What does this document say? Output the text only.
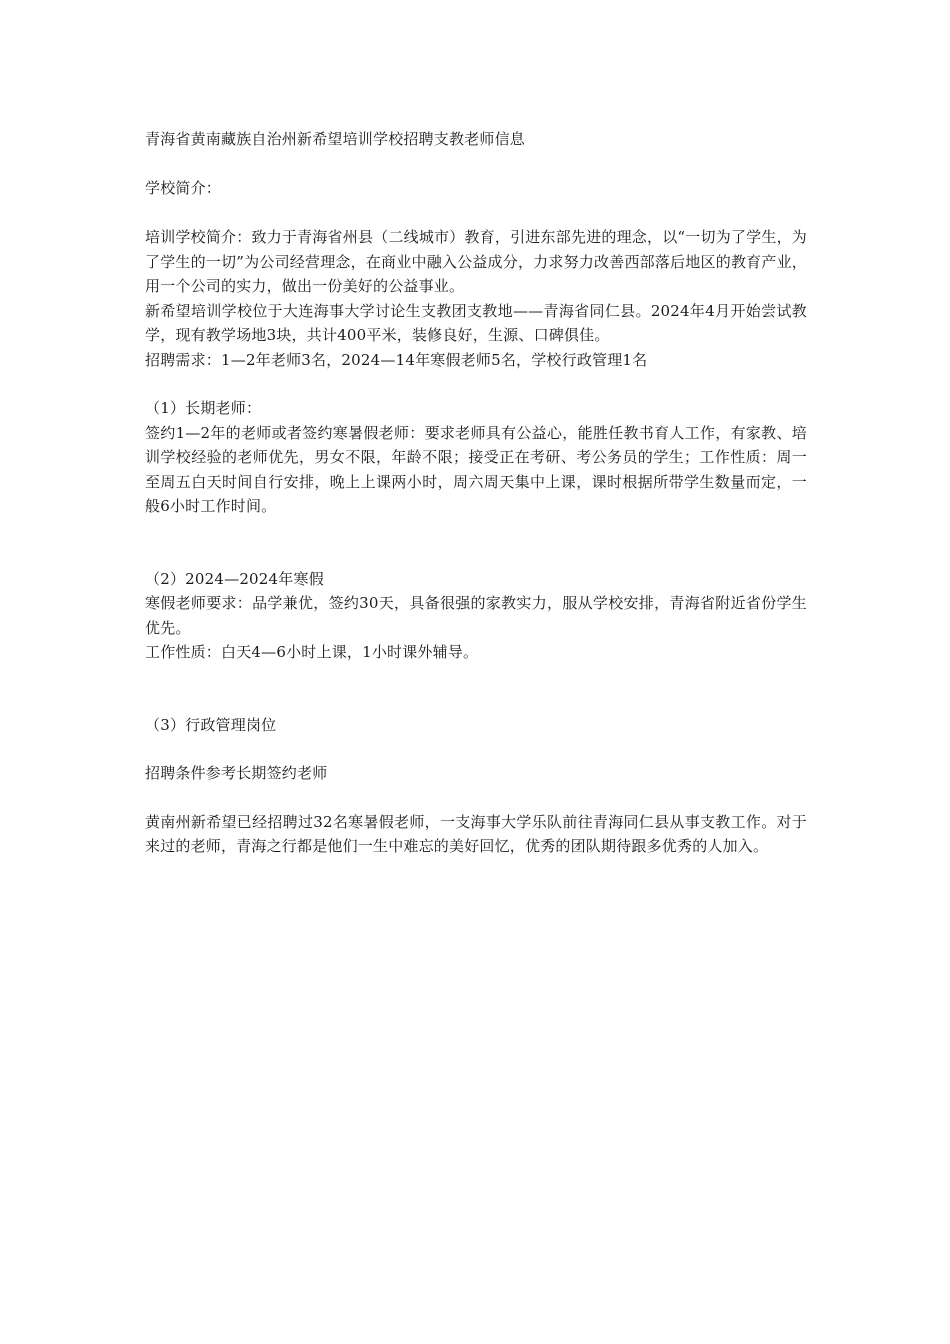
青海省黄南藏族自治州新希望培训学校招聘支教老师信息

学校简介：

培训学校简介：致力于青海省州县（二线城市）教育，引进东部先进的理念，以“一切为了学生，为了学生的一切”为公司经营理念，在商业中融入公益成分，力求努力改善西部落后地区的教育产业，用一个公司的实力，做出一份美好的公益事业。

新希望培训学校位于大连海事大学讨论生支教团支教地——青海省同仁县。2024年4月开始尝试教学，现有教学场地3块，共计400平米，装修良好，生源、口碑俱佳。

招聘需求：1—2年老师3名，2024—14年寒假老师5名，学校行政管理1名

（1）长期老师：

签约1—2年的老师或者签约寒暑假老师：要求老师具有公益心，能胜任教书育人工作，有家教、培训学校经验的老师优先，男女不限，年龄不限；接受正在考研、考公务员的学生；工作性质：周一至周五白天时间自行安排，晚上上课两小时，周六周天集中上课，课时根据所带学生数量而定，一般6小时工作时间。

（2）2024—2024年寒假

寒假老师要求：品学兼优，签约30天，具备很强的家教实力，服从学校安排，青海省附近省份学生优先。

工作性质：白天4—6小时上课，1小时课外辅导。

（3）行政管理岗位

招聘条件参考长期签约老师

黄南州新希望已经招聘过32名寒暑假老师，一支海事大学乐队前往青海同仁县从事支教工作。对于来过的老师，青海之行都是他们一生中难忘的美好回忆，优秀的团队期待跟多优秀的人加入。
